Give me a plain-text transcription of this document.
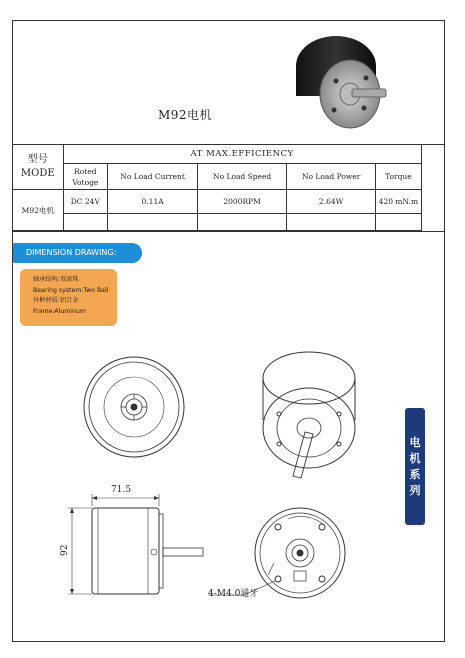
M92电机
型号
MODE	AT MAX.EFFICIENCY					
	Roted Votoge	No Load Current	No Load Speed	No Load Power	Torque	
M92电机	DC 24V	0.11A	2000RPM	2.64W	420 mN.m	

DIMENSION DRAWING:
轴承结构:双滚珠
Bearing system:Two Ball
外框材质:铝合金
Frame:Aluminum
71.5
92
4-M4.0通牙
电
机
系
列
